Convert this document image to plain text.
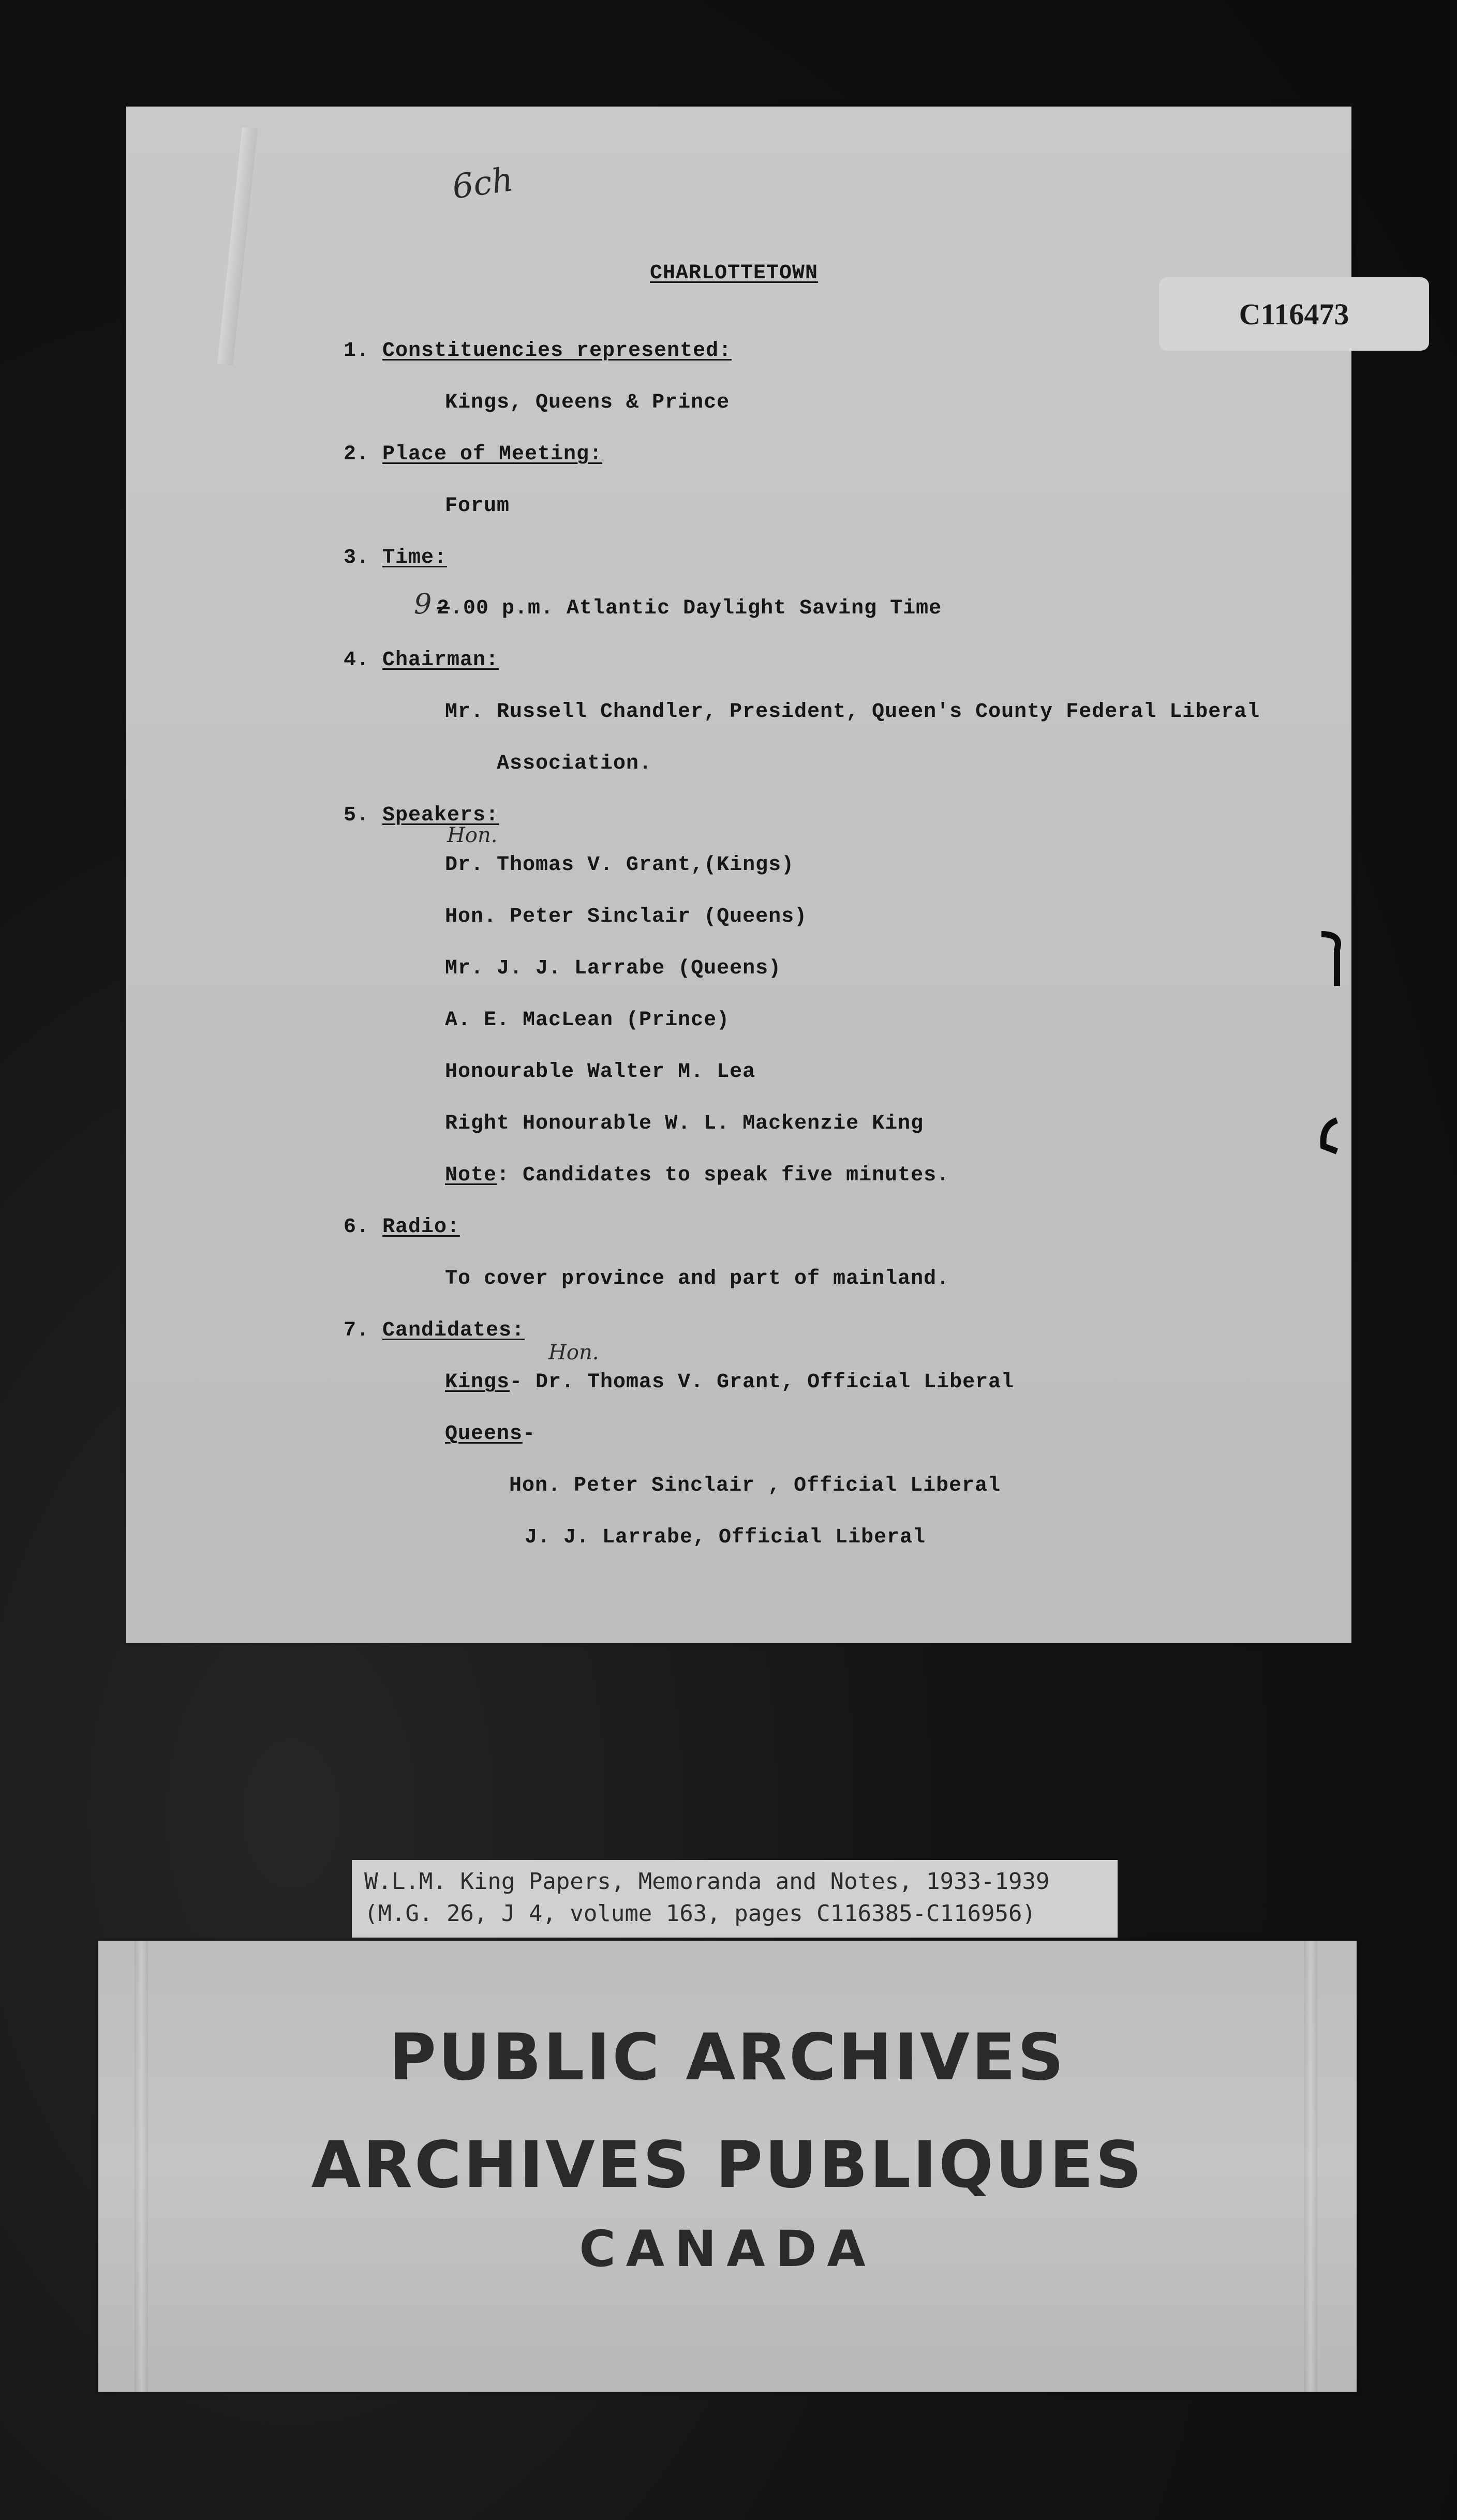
C116473
6ch
CHARLOTTETOWN
1. Constituencies represented:
Kings, Queens & Prince
2. Place of Meeting:
Forum
3. Time:
9 2 .00 p.m. Atlantic Daylight Saving Time
4. Chairman:
Mr. Russell Chandler, President, Queen's County Federal Liberal
Association.
5. Speakers:
Hon.
Dr. Thomas V. Grant,(Kings)
Hon. Peter Sinclair (Queens)
Mr. J. J. Larrabe (Queens)
A. E. MacLean (Prince)
Honourable Walter M. Lea
Right Honourable W. L. Mackenzie King
Note : Candidates to speak five minutes.
6. Radio:
To cover province and part of mainland.
7. Candidates:
Hon.
Kings - Dr. Thomas V. Grant, Official Liberal
Queens -
Hon. Peter Sinclair , Official Liberal
J. J. Larrabe, Official Liberal
W.L.M. King Papers, Memoranda and Notes, 1933-1939
(M.G. 26, J 4, volume 163, pages C116385-C116956)
PUBLIC ARCHIVES
ARCHIVES PUBLIQUES
CANADA
